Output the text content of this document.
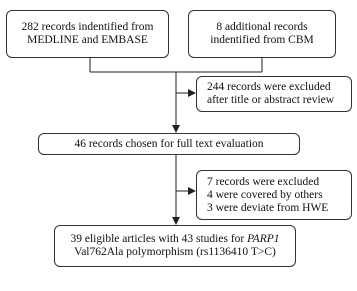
282 records indentified from
MEDLINE and EMBASE
8 additional records
indentified from CBM
244 records were excluded
after title or abstract review
46 records chosen for full text evaluation
7 records were excluded
4 were covered by others
3 were deviate from HWE
39 eligible articles with 43 studies for PARP1
Val762Ala polymorphism (rs1136410 T>C)
